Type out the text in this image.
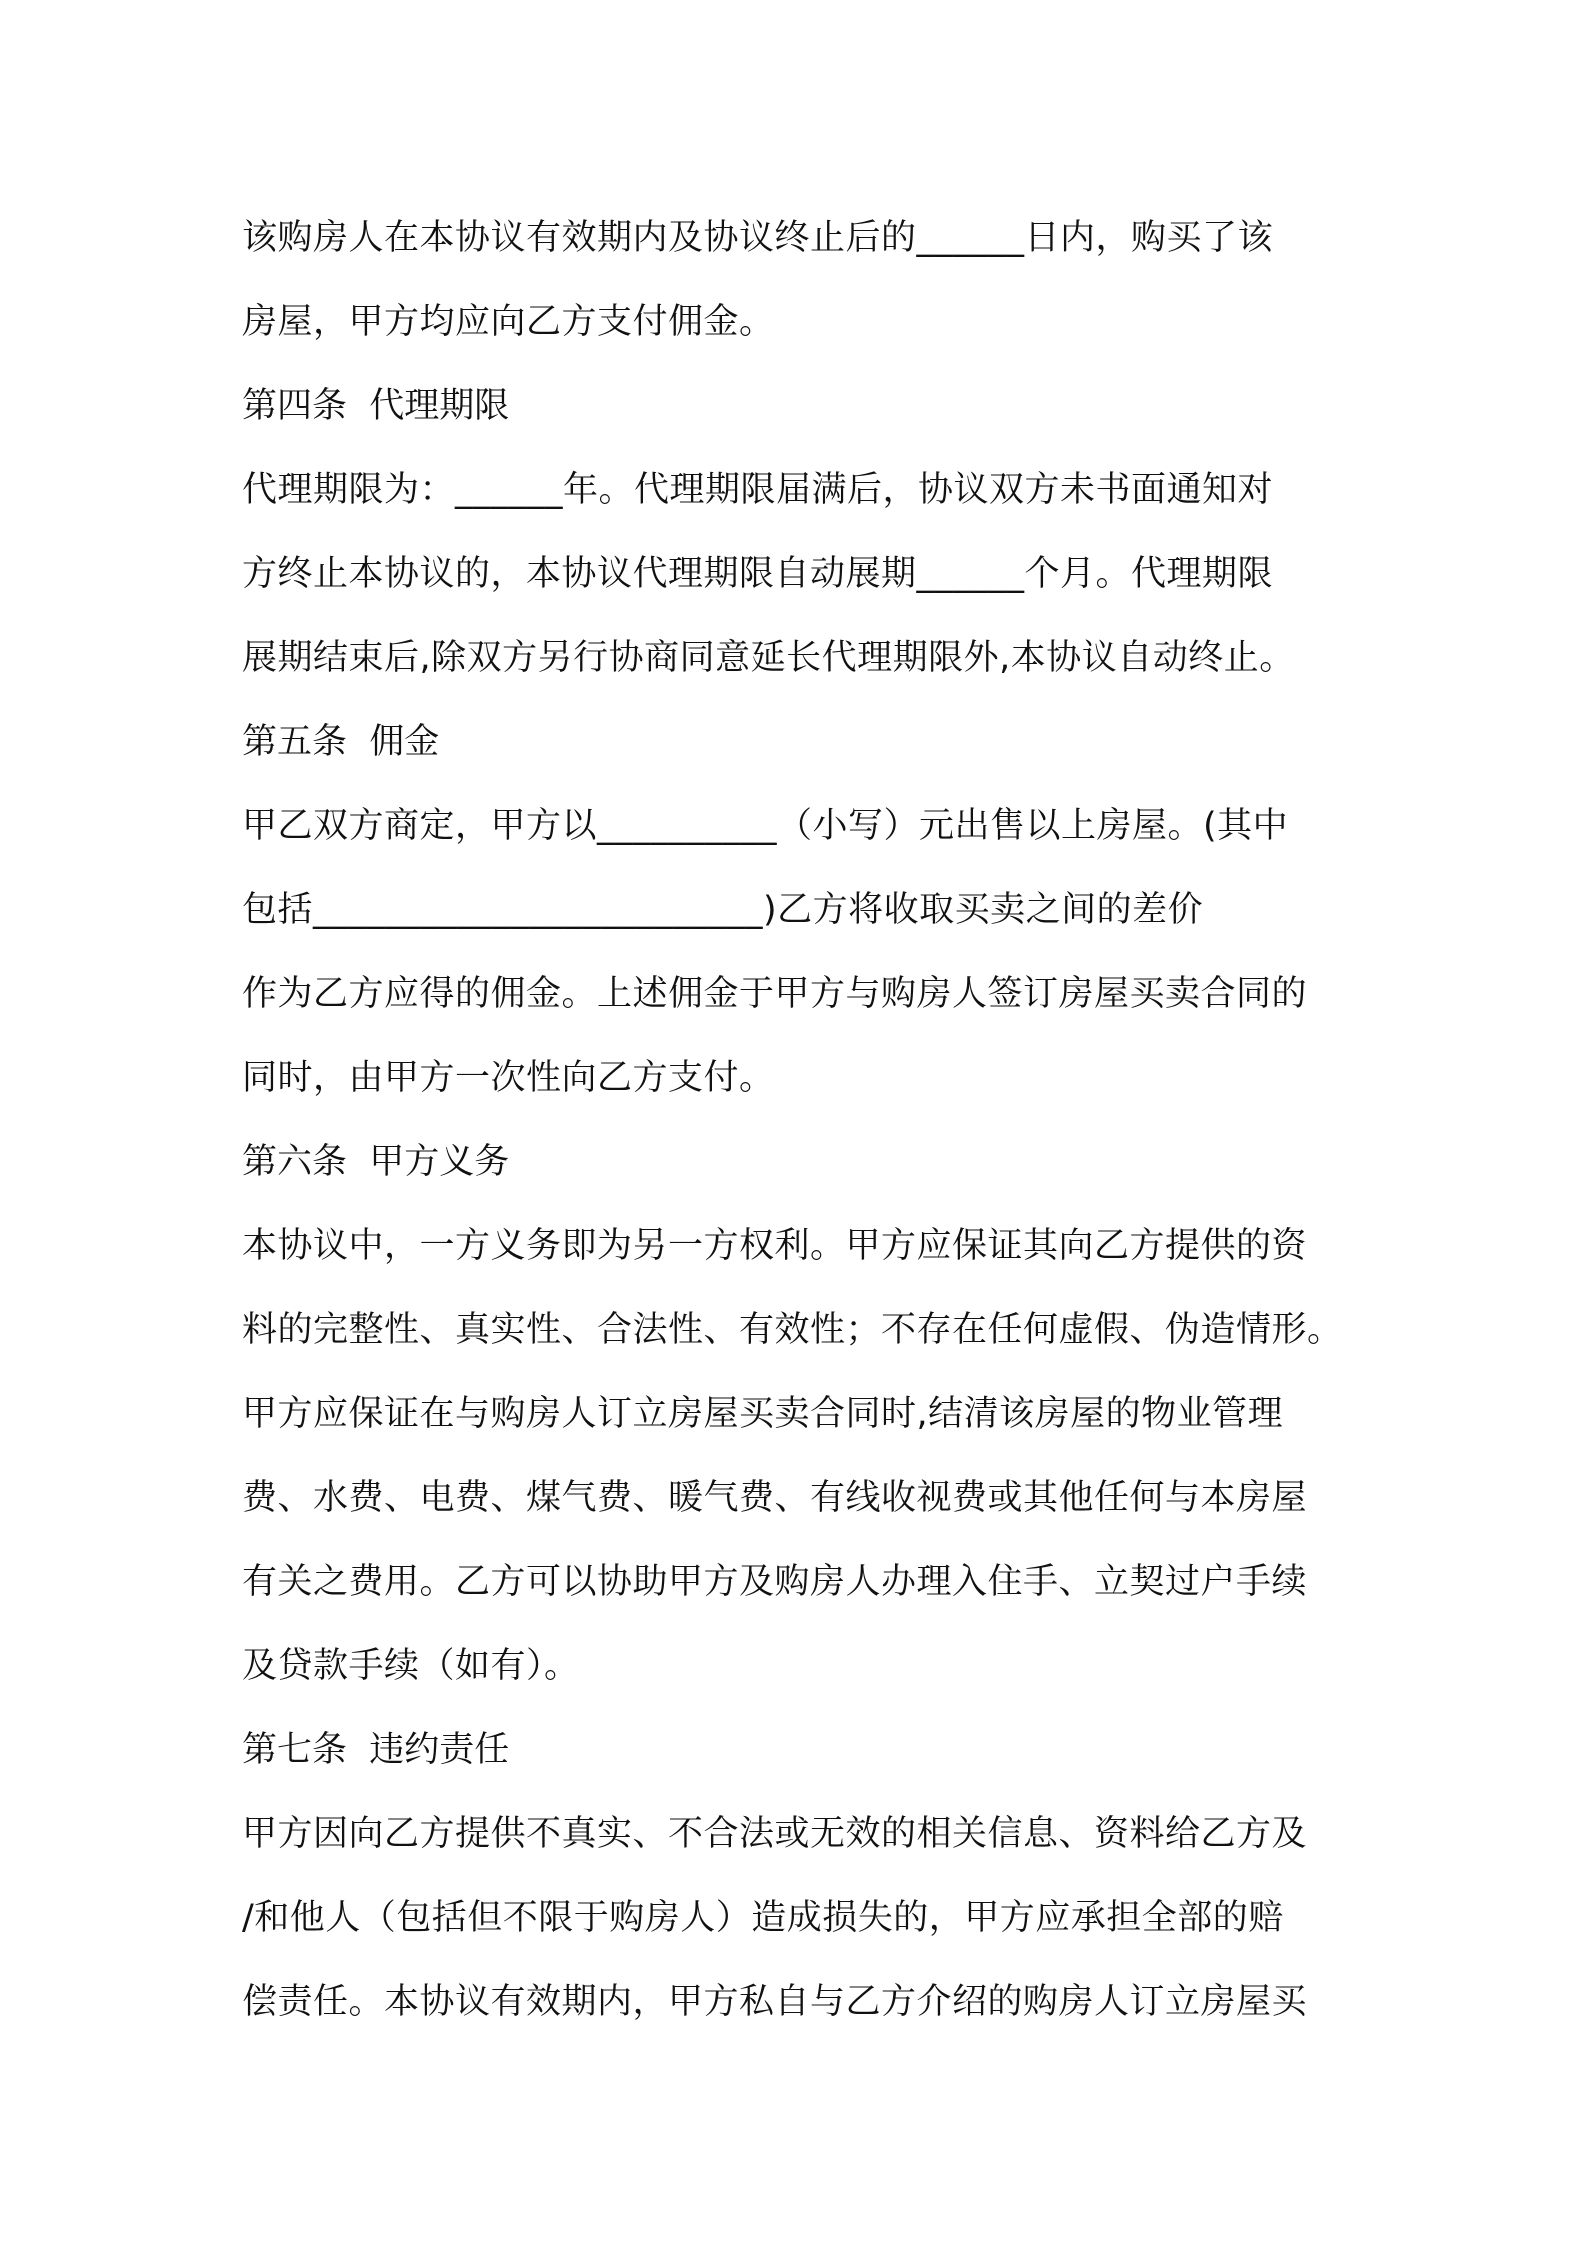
该购房人在本协议有效期内及协议终止后的______日内，购买了该
房屋，甲方均应向乙方支付佣金。
第四条  代理期限
代理期限为：______年。代理期限届满后，协议双方未书面通知对
方终止本协议的，本协议代理期限自动展期______个月。代理期限
展期结束后,除双方另行协商同意延长代理期限外,本协议自动终止。
第五条  佣金
甲乙双方商定，甲方以__________（小写）元出售以上房屋。(其中
包括_________________________)乙方将收取买卖之间的差价
作为乙方应得的佣金。上述佣金于甲方与购房人签订房屋买卖合同的
同时，由甲方一次性向乙方支付。
第六条  甲方义务
本协议中，一方义务即为另一方权利。甲方应保证其向乙方提供的资
料的完整性、真实性、合法性、有效性；不存在任何虚假、伪造情形。
甲方应保证在与购房人订立房屋买卖合同时,结清该房屋的物业管理
费、水费、电费、煤气费、暖气费、有线收视费或其他任何与本房屋
有关之费用。乙方可以协助甲方及购房人办理入住手、立契过户手续
及贷款手续（如有）。
第七条  违约责任
甲方因向乙方提供不真实、不合法或无效的相关信息、资料给乙方及
/和他人（包括但不限于购房人）造成损失的，甲方应承担全部的赔
偿责任。本协议有效期内，甲方私自与乙方介绍的购房人订立房屋买
